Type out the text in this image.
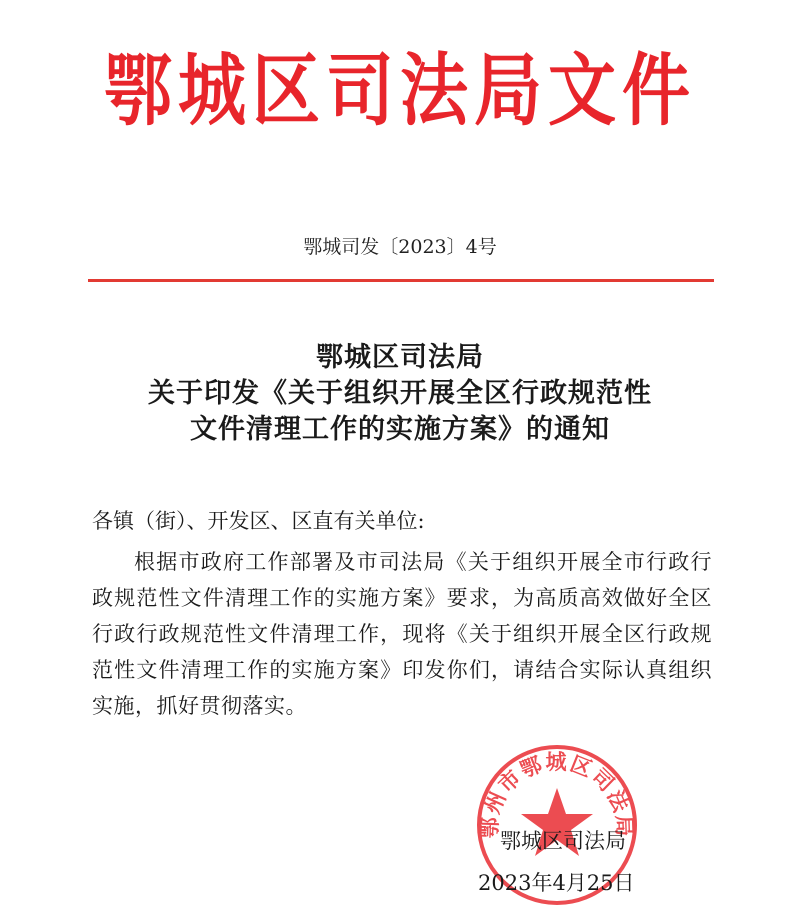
鄂城区司法局文件
鄂城司发〔2023〕4号
鄂城区司法局
关于印发《关于组织开展全区行政规范性
文件清理工作的实施方案》的通知
各镇（街）、开发区、区直有关单位:
根据市政府工作部署及市司法局《关于组织开展全市行政行政规范性文件清理工作的实施方案》要求，为高质高效做好全区行政行政规范性文件清理工作，现将《关于组织开展全区行政规范性文件清理工作的实施方案》印发你们，请结合实际认真组织实施，抓好贯彻落实。
鄂州市鄂城区司法局
鄂城区司法局
2023年4月25日
